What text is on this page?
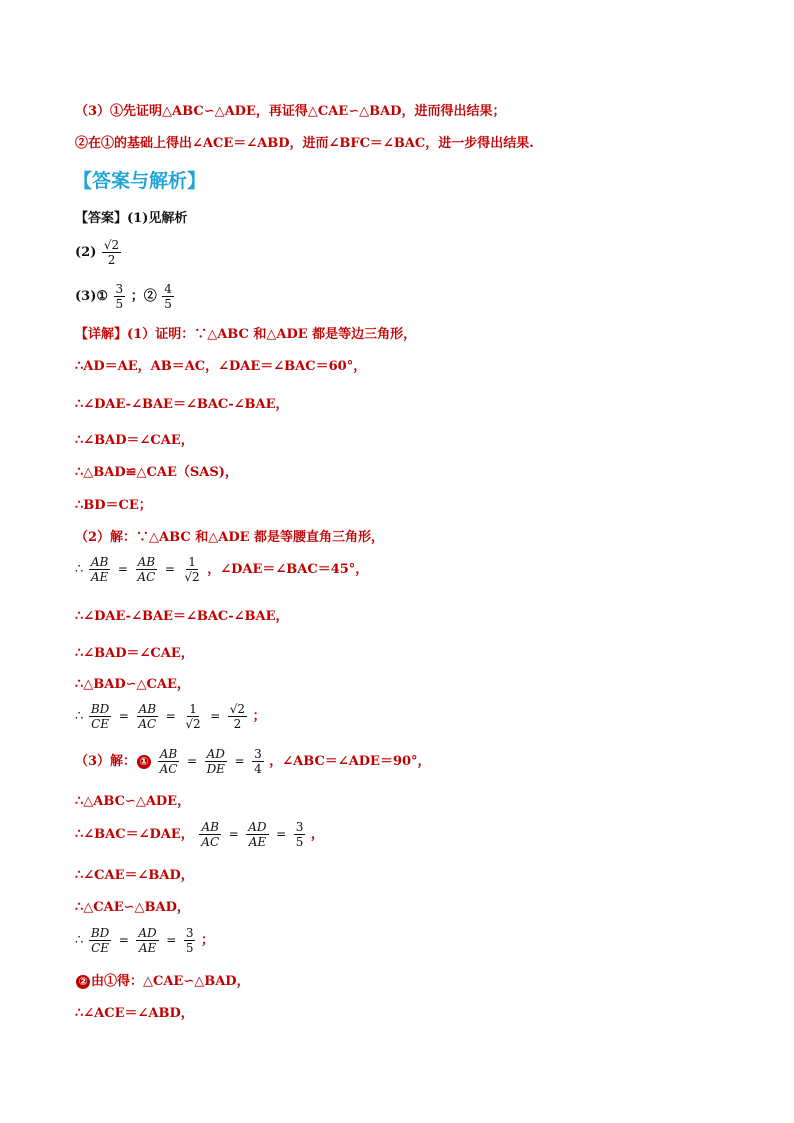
（3）①先证明△ABC∽△ADE，再证得△CAE∽△BAD，进而得出结果；
②在①的基础上得出∠ACE＝∠ABD，进而∠BFC＝∠BAC，进一步得出结果.
【答案与解析】
【答案】(1)见解析
$(2) \frac{√2}{2}$
(3)① $\frac{3}{5}$ ；② $\frac{4}{5}$
【详解】(1）证明：∵△ABC 和△ADE 都是等边三角形，
∴AD＝AE，AB＝AC，∠DAE＝∠BAC＝60°，
∴∠DAE-∠BAE＝∠BAC-∠BAE，
∴∠BAD＝∠CAE，
∴△BAD≌△CAE（SAS)，
∴BD＝CE；
（2）解：∵△ABC 和△ADE 都是等腰直角三角形，
∴ $\frac{AB}{AE} = \frac{AB}{AC} = \frac{1}{√2}$ ，∠DAE＝∠BAC＝45°，
∴∠DAE-∠BAE＝∠BAC-∠BAE，
∴∠BAD＝∠CAE，
∴△BAD∽△CAE，
∴ $\frac{BD}{CE} = \frac{AB}{AC} = \frac{1}{√2} = \frac{√2}{2}$ ；
（3）解： ① $\frac{AB}{AC} = \frac{AD}{DE} = \frac{3}{4}$ ，∠ABC＝∠ADE＝90°，
∴△ABC∽△ADE，
∴∠BAC＝∠DAE， $\frac{AB}{AC} = \frac{AD}{AE} = \frac{3}{5}$ ，
∴∠CAE＝∠BAD，
∴△CAE∽△BAD，
∴ $\frac{BD}{CE} = \frac{AD}{AE} = \frac{3}{5}$ ；
② 由①得：△CAE∽△BAD，
∴∠ACE＝∠ABD，
